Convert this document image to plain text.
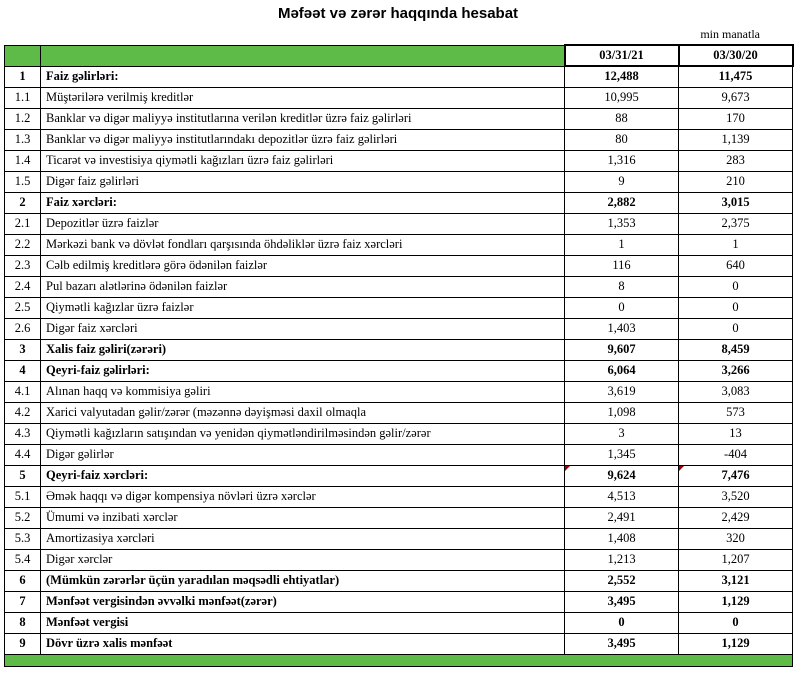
Məfəət və zərər haqqında hesabat
min manatla
		03/31/21	03/30/20
1	Faiz gəlirləri:	12,488	11,475
1.1	Müştərilərə verilmiş kreditlər	10,995	9,673
1.2	Banklar və digər maliyyə institutlarına verilən kreditlər üzrə faiz gəlirləri	88	170
1.3	Banklar və digər maliyyə institutlarındakı depozitlər üzrə faiz gəlirləri	80	1,139
1.4	Ticarət və investisiya qiymətli kağızları üzrə faiz gəlirləri	1,316	283
1.5	Digər faiz gəlirləri	9	210
2	Faiz xərcləri:	2,882	3,015
2.1	Depozitlər üzrə faizlər	1,353	2,375
2.2	Mərkəzi bank və dövlət fondları qarşısında öhdəliklər üzrə faiz xərcləri	1	1
2.3	Cəlb edilmiş kreditlərə görə ödənilən faizlər	116	640
2.4	Pul bazarı alətlərinə ödənilən faizlər	8	0
2.5	Qiymətli kağızlar üzrə faizlər	0	0
2.6	Digər faiz xərcləri	1,403	0
3	Xalis faiz gəliri(zərəri)	9,607	8,459
4	Qeyri-faiz gəlirləri:	6,064	3,266
4.1	Alınan haqq və kommisiya gəliri	3,619	3,083
4.2	Xarici valyutadan gəlir/zərər (məzənnə dəyişməsi daxil olmaqla	1,098	573
4.3	Qiymətli kağızların satışından və yenidən qiymətləndirilməsindən gəlir/zərər	3	13
4.4	Digər gəlirlər	1,345	-404
5	Qeyri-faiz xərcləri:	9,624	7,476
5.1	Əmək haqqı və digər kompensiya növləri üzrə xərclər	4,513	3,520
5.2	Ümumi və inzibati xərclər	2,491	2,429
5.3	Amortizasiya xərcləri	1,408	320
5.4	Digər xərclər	1,213	1,207
6	(Mümkün zərərlər üçün yaradılan məqsədli ehtiyatlar)	2,552	3,121
7	Mənfəət vergisindən əvvəlki mənfəət(zərər)	3,495	1,129
8	Mənfəət vergisi	0	0
9	Dövr üzrə xalis mənfəət	3,495	1,129
